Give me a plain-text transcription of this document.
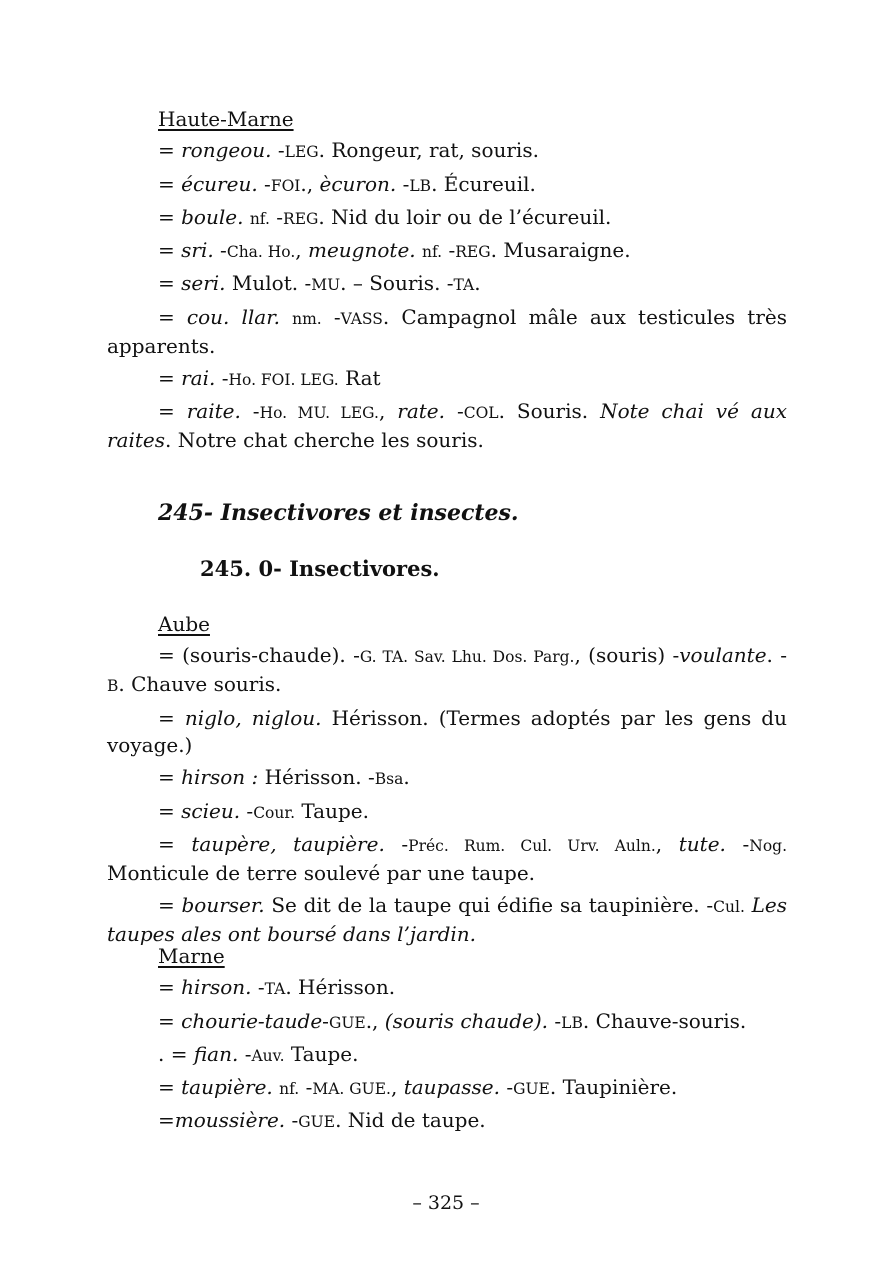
Haute-Marne

= rongeou. -LEG. Rongeur, rat, souris.

= écureu. -FOI., ècuron. -LB. Écureuil.

= boule. nf. -REG. Nid du loir ou de l’écureuil.

= sri. -Cha. Ho., meugnote. nf. -REG. Musaraigne.

= seri. Mulot. -MU. – Souris. -TA.

= cou. llar. nm. -VASS. Campagnol mâle aux testicules très apparents.

= rai. -Ho. FOI. LEG. Rat

= raite. -Ho. MU. LEG., rate. -COL. Souris. Note chai vé aux raites. Notre chat cherche les souris.

245- Insectivores et insectes.
245. 0- Insectivores.

Aube

= (souris-chaude). -G. TA. Sav. Lhu. Dos. Parg., (souris) -voulante. -B. Chauve souris.

= niglo, niglou. Hérisson. (Termes adoptés par les gens du voyage.)

= hirson : Hérisson. -Bsa.

= scieu. -Cour. Taupe.

= taupère, taupière. -Préc. Rum. Cul. Urv. Auln., tute. -Nog. Monticule de terre soulevé par une taupe.

= bourser. Se dit de la taupe qui édifie sa taupinière. -Cul. Les taupes ales ont boursé dans l’jardin.

Marne

= hirson. -TA. Hérisson.

= chourie-taude-GUE., (souris chaude). -LB. Chauve-souris.

. = fian. -Auv. Taupe.

= taupière. nf. -MA. GUE., taupasse. -GUE. Taupinière.

=moussière. -GUE. Nid de taupe.

– 325 –
